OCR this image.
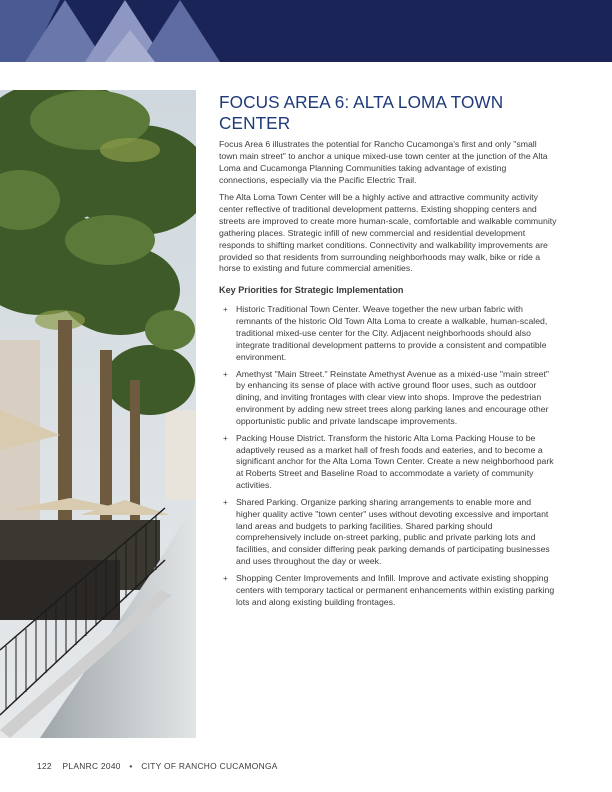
FOCUS AREA 6: ALTA LOMA TOWN CENTER

Focus Area 6 illustrates the potential for Rancho Cucamonga's first and only "small town main street" to anchor a unique mixed-use town center at the junction of the Alta Loma and Cucamonga Planning Communities taking advantage of existing connections, especially via the Pacific Electric Trail.

The Alta Loma Town Center will be a highly active and attractive community activity center reflective of traditional development patterns. Existing shopping centers and streets are improved to create more human-scale, comfortable and walkable community gathering places. Strategic infill of new commercial and residential development responds to shifting market conditions. Connectivity and walkability improvements are provided so that residents from surrounding neighborhoods may walk, bike or ride a horse to existing and future commercial amenities.

Key Priorities for Strategic Implementation
+ Historic Traditional Town Center. Weave together the new urban fabric with remnants of the historic Old Town Alta Loma to create a walkable, human-scaled, traditional mixed-use center for the City. Adjacent neighborhoods should also integrate traditional development patterns to provide a consistent and compatible environment.
+ Amethyst "Main Street." Reinstate Amethyst Avenue as a mixed-use "main street" by enhancing its sense of place with active ground floor uses, such as outdoor dining, and inviting frontages with clear view into shops. Improve the pedestrian environment by adding new street trees along parking lanes and encourage other opportunistic public and private landscape improvements.
+ Packing House District. Transform the historic Alta Loma Packing House to be adaptively reused as a market hall of fresh foods and eateries, and to become a significant anchor for the Alta Loma Town Center. Create a new neighborhood park at Roberts Street and Baseline Road to accommodate a variety of community activities.
+ Shared Parking. Organize parking sharing arrangements to enable more and higher quality active "town center" uses without devoting excessive and important land areas and budgets to parking facilities. Shared parking should comprehensively include on-street parking, public and private parking lots and facilities, and consider differing peak parking demands of participating businesses and uses throughout the day or week.
+ Shopping Center Improvements and Infill. Improve and activate existing shopping centers with temporary tactical or permanent enhancements within existing parking lots and along existing building frontages.
122 PLANRC 2040 • CITY OF RANCHO CUCAMONGA
